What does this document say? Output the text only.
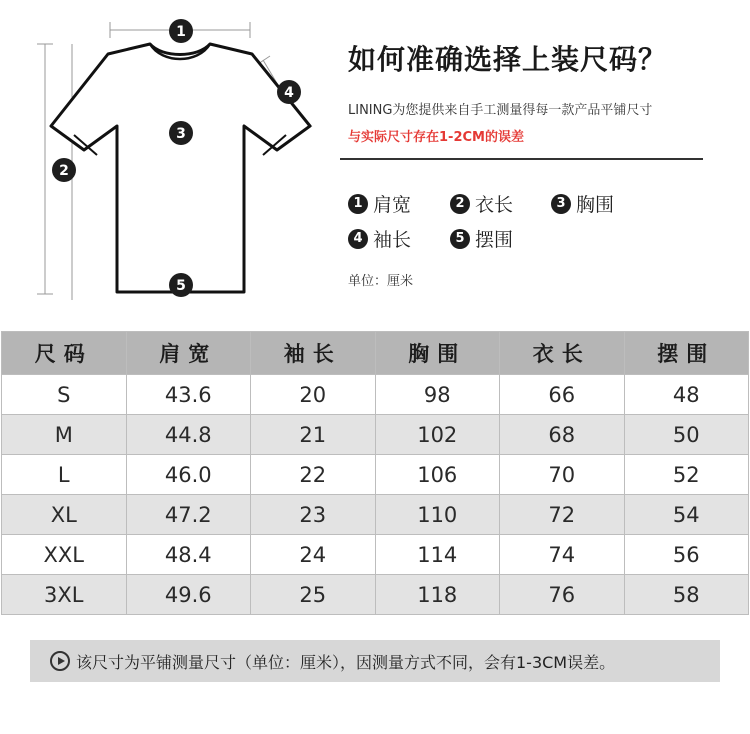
1
2
3
4
5
如何准确选择上装尺码？
LINING为您提供来自手工测量得每一款产品平铺尺寸
与实际尺寸存在1-2CM的误差
1 肩宽	2 衣长	3 胸围
4 袖长	5 摆围
单位：厘米
尺码	肩宽	袖长	胸围	衣长	摆围
S	43.6	20	98	66	48
M	44.8	21	102	68	50
L	46.0	22	106	70	52
XL	47.2	23	110	72	54
XXL	48.4	24	114	74	56
3XL	49.6	25	118	76	58
该尺寸为平铺测量尺寸（单位：厘米），因测量方式不同，会有1-3CM误差。
